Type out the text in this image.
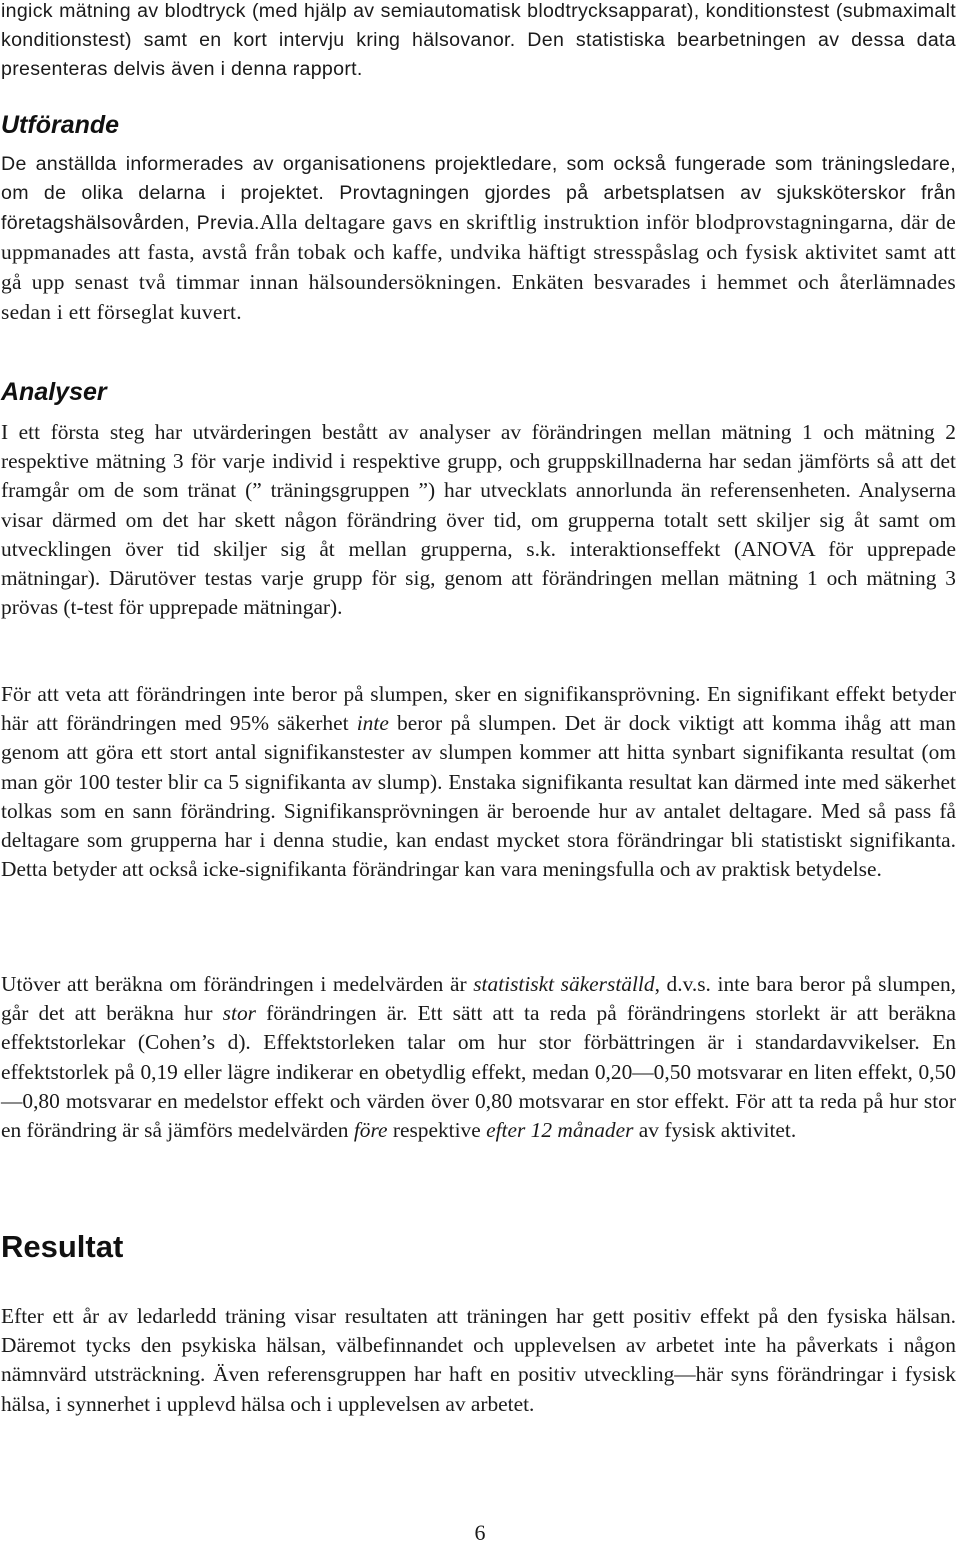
ingick mätning av blodtryck (med hjälp av semiautomatisk blodtrycksapparat), konditionstest (submaximalt konditionstest) samt en kort intervju kring hälsovanor. Den statistiska bearbetningen av dessa data presenteras delvis även i denna rapport.

Utförande

De anställda informerades av organisationens projektledare, som också fungerade som träningsledare, om de olika delarna i projektet. Provtagningen gjordes på arbetsplatsen av sjuksköterskor från företagshälsovården, Previa.Alla deltagare gavs en skriftlig instruktion inför blodprovstagningarna, där de uppmanades att fasta, avstå från tobak och kaffe, undvika häftigt stresspåslag och fysisk aktivitet samt att gå upp senast två timmar innan hälsoundersökningen. Enkäten besvarades i hemmet och återlämnades sedan i ett förseglat kuvert.

Analyser

I ett första steg har utvärderingen bestått av analyser av förändringen mellan mätning 1 och mätning 2 respektive mätning 3 för varje individ i respektive grupp, och gruppskillnaderna har sedan jämförts så att det framgår om de som tränat (” träningsgruppen ”) har utvecklats annorlunda än referensenheten. Analyserna visar därmed om det har skett någon förändring över tid, om grupperna totalt sett skiljer sig åt samt om utvecklingen över tid skiljer sig åt mellan grupperna, s.k. interaktionseffekt (ANOVA för upprepade mätningar). Därutöver testas varje grupp för sig, genom att förändringen mellan mätning 1 och mätning 3 prövas (t-test för upprepade mätningar).

För att veta att förändringen inte beror på slumpen, sker en signifikansprövning. En signifikant effekt betyder här att förändringen med 95% säkerhet inte beror på slumpen. Det är dock viktigt att komma ihåg att man genom att göra ett stort antal signifikanstester av slumpen kommer att hitta synbart signifikanta resultat (om man gör 100 tester blir ca 5 signifikanta av slump). Enstaka signifikanta resultat kan därmed inte med säkerhet tolkas som en sann förändring. Signifikansprövningen är beroende hur av antalet deltagare. Med så pass få deltagare som grupperna har i denna studie, kan endast mycket stora förändringar bli statistiskt signifikanta. Detta betyder att också icke-signifikanta förändringar kan vara meningsfulla och av praktisk betydelse.

Utöver att beräkna om förändringen i medelvärden är statistiskt säkerställd, d.v.s. inte bara beror på slumpen, går det att beräkna hur stor förändringen är. Ett sätt att ta reda på förändringens storlekt är att beräkna effektstorlekar (Cohen’s d). Effektstorleken talar om hur stor förbättringen är i standardavvikelser. En effektstorlek på 0,19 eller lägre indikerar en obetydlig effekt, medan 0,20—0,50 motsvarar en liten effekt, 0,50—0,80 motsvarar en medelstor effekt och värden över 0,80 motsvarar en stor effekt. För att ta reda på hur stor en förändring är så jämförs medelvärden före respektive efter 12 månader av fysisk aktivitet.

Resultat

Efter ett år av ledarledd träning visar resultaten att träningen har gett positiv effekt på den fysiska hälsan. Däremot tycks den psykiska hälsan, välbefinnandet och upplevelsen av arbetet inte ha påverkats i någon nämnvärd utsträckning. Även referensgruppen har haft en positiv utveckling—här syns förändringar i fysisk hälsa, i synnerhet i upplevd hälsa och i upplevelsen av arbetet.

6
